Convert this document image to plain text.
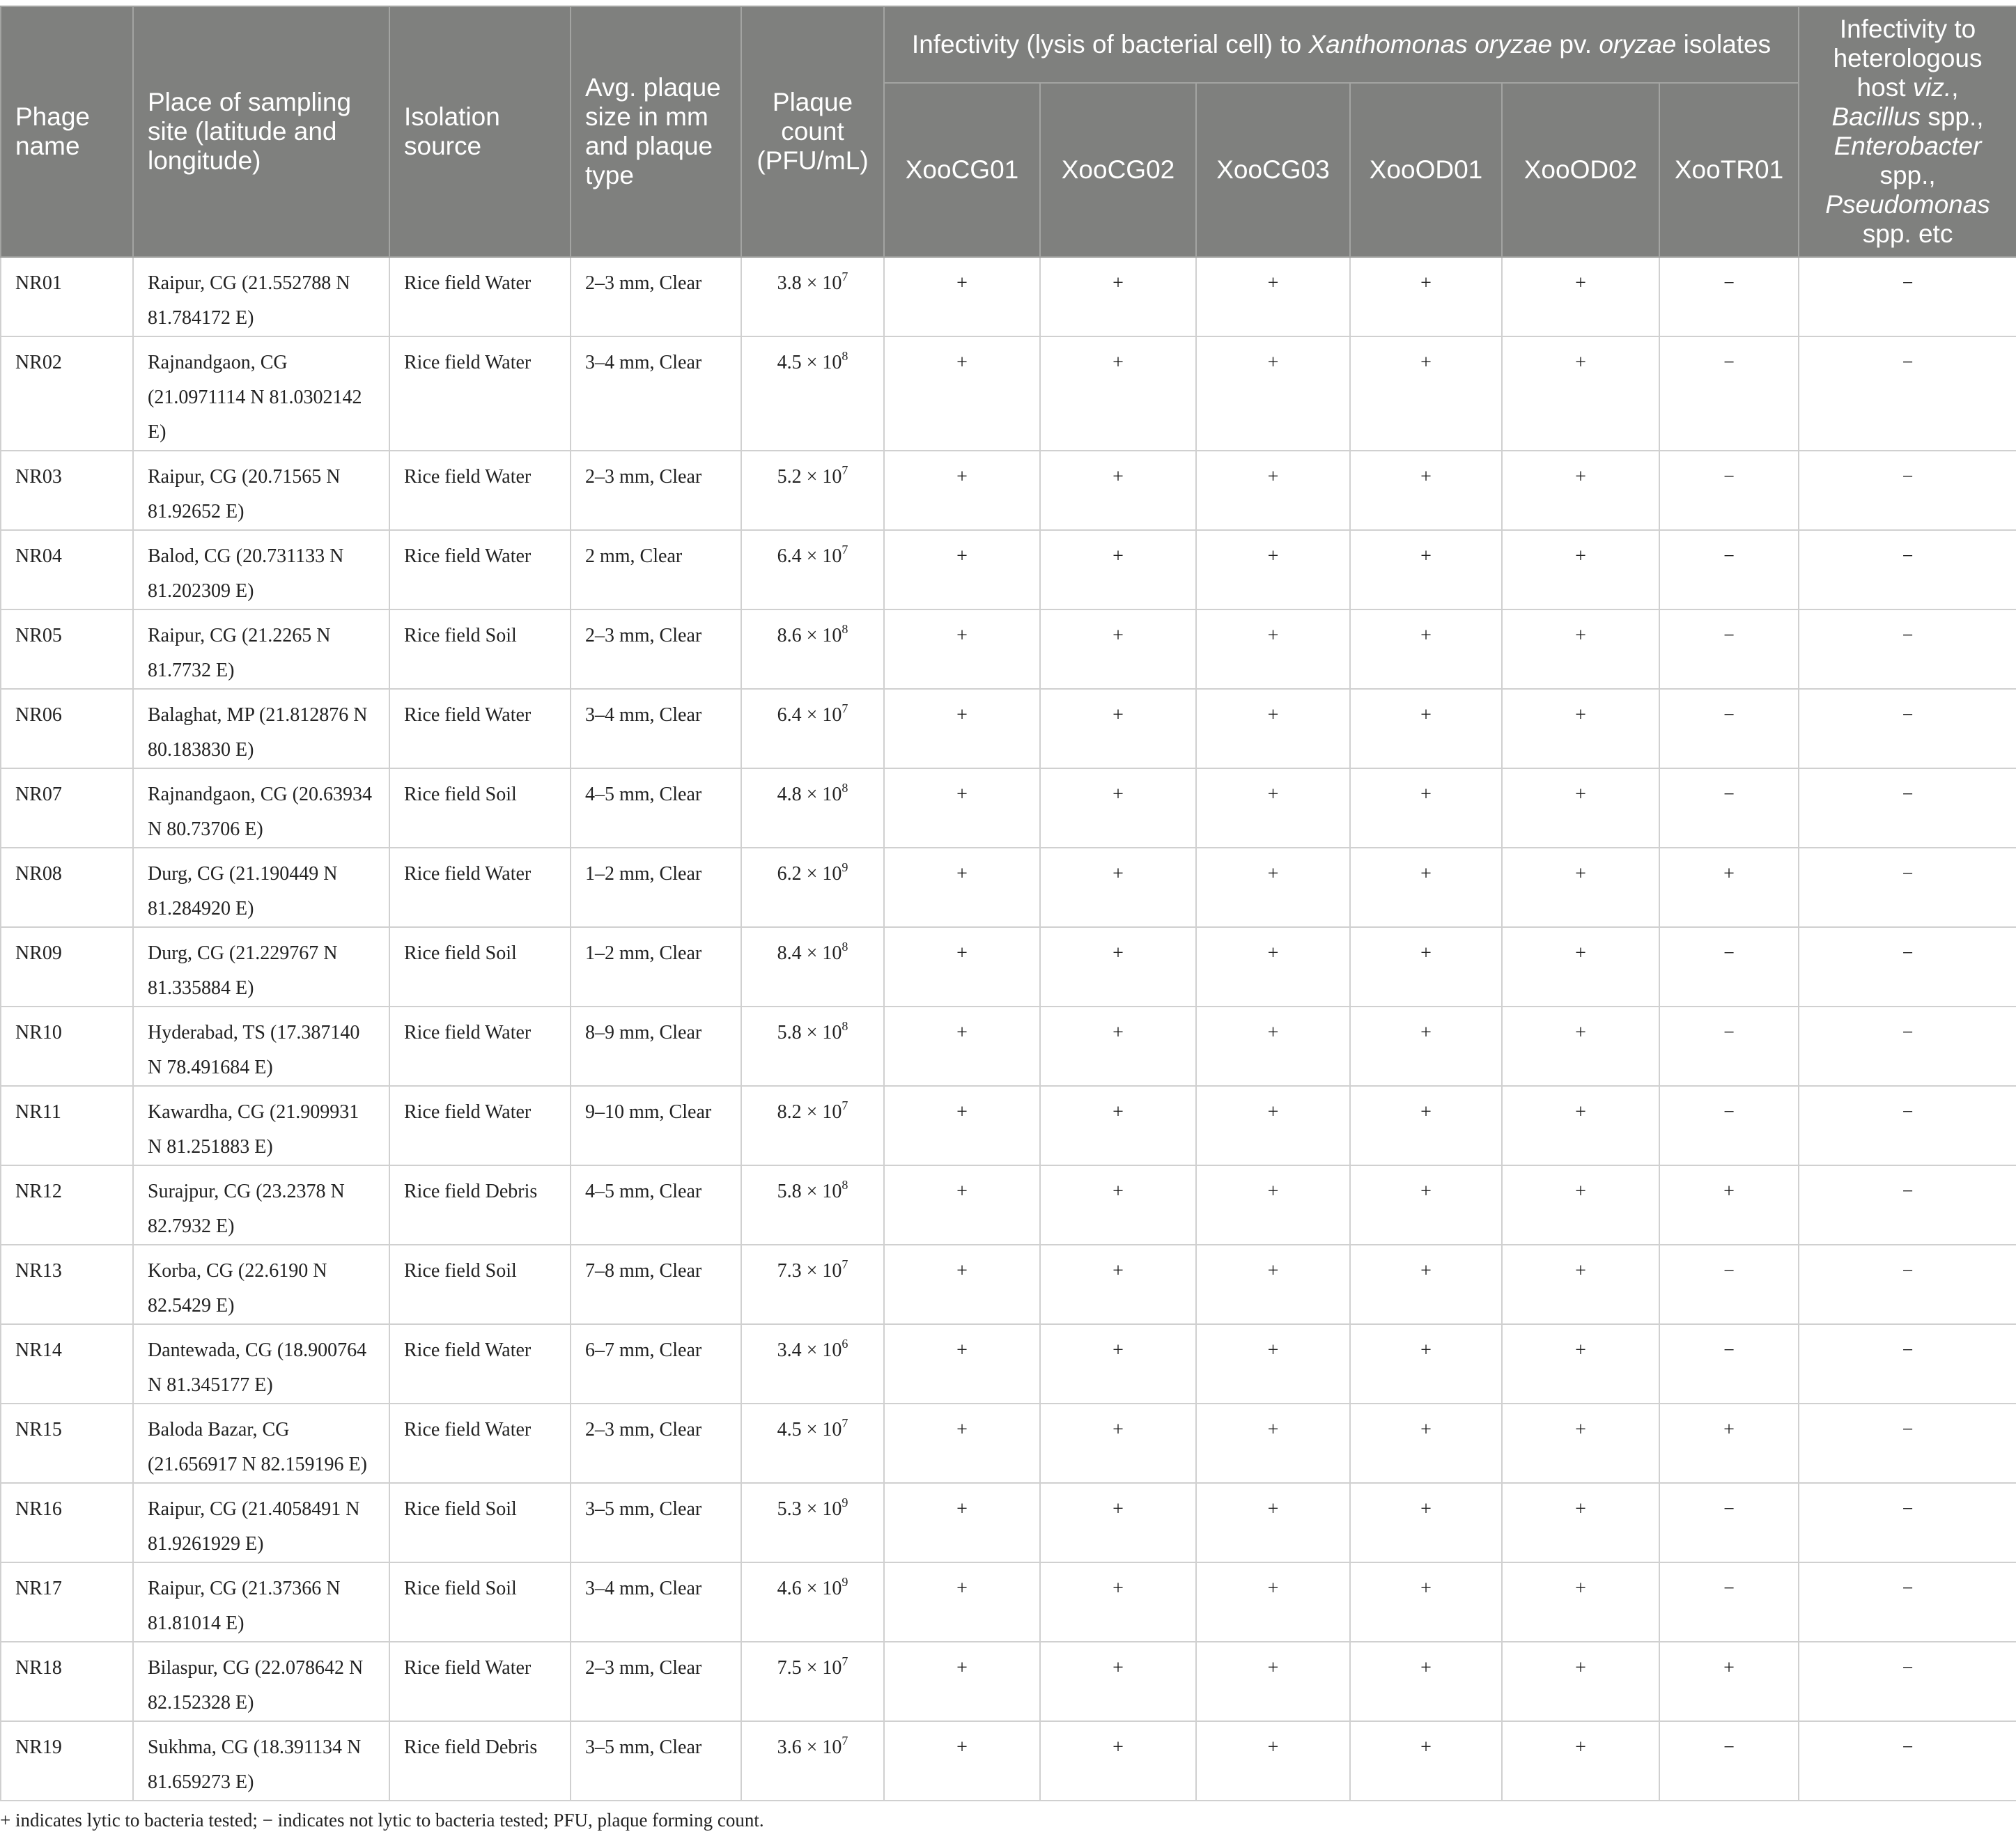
Phage name	Place of sampling site (latitude and longitude)	Isolation source	Avg. plaque size in mm and plaque type	Plaque count (PFU/mL)	Infectivity (lysis of bacterial cell) to Xanthomonas oryzae pv. oryzae isolates						Infectivity to heterologous host viz., Bacillus spp., Enterobacter spp., Pseudomonas spp. etc
					XooCG01	XooCG02	XooCG03	XooOD01	XooOD02	XooTR01	
NR01	Raipur, CG (21.552788 N 81.784172 E)	Rice field Water	2–3 mm, Clear	$3.8 \times 10^7$	+	+	+	+	+	−	−
NR02	Rajnandgaon, CG (21.0971114 N 81.0302142 E)	Rice field Water	3–4 mm, Clear	$4.5 \times 10^8$	+	+	+	+	+	−	−
NR03	Raipur, CG (20.71565 N 81.92652 E)	Rice field Water	2–3 mm, Clear	$5.2 \times 10^7$	+	+	+	+	+	−	−
NR04	Balod, CG (20.731133 N 81.202309 E)	Rice field Water	2 mm, Clear	$6.4 \times 10^7$	+	+	+	+	+	−	−
NR05	Raipur, CG (21.2265 N 81.7732 E)	Rice field Soil	2–3 mm, Clear	$8.6 \times 10^8$	+	+	+	+	+	−	−
NR06	Balaghat, MP (21.812876 N 80.183830 E)	Rice field Water	3–4 mm, Clear	$6.4 \times 10^7$	+	+	+	+	+	−	−
NR07	Rajnandgaon, CG (20.63934 N 80.73706 E)	Rice field Soil	4–5 mm, Clear	$4.8 \times 10^8$	+	+	+	+	+	−	−
NR08	Durg, CG (21.190449 N 81.284920 E)	Rice field Water	1–2 mm, Clear	$6.2 \times 10^9$	+	+	+	+	+	+	−
NR09	Durg, CG (21.229767 N 81.335884 E)	Rice field Soil	1–2 mm, Clear	$8.4 \times 10^8$	+	+	+	+	+	−	−
NR10	Hyderabad, TS (17.387140 N 78.491684 E)	Rice field Water	8–9 mm, Clear	$5.8 \times 10^8$	+	+	+	+	+	−	−
NR11	Kawardha, CG (21.909931 N 81.251883 E)	Rice field Water	9–10 mm, Clear	$8.2 \times 10^7$	+	+	+	+	+	−	−
NR12	Surajpur, CG (23.2378 N 82.7932 E)	Rice field Debris	4–5 mm, Clear	$5.8 \times 10^8$	+	+	+	+	+	+	−
NR13	Korba, CG (22.6190 N 82.5429 E)	Rice field Soil	7–8 mm, Clear	$7.3 \times 10^7$	+	+	+	+	+	−	−
NR14	Dantewada, CG (18.900764 N 81.345177 E)	Rice field Water	6–7 mm, Clear	$3.4 \times 10^6$	+	+	+	+	+	−	−
NR15	Baloda Bazar, CG (21.656917 N 82.159196 E)	Rice field Water	2–3 mm, Clear	$4.5 \times 10^7$	+	+	+	+	+	+	−
NR16	Raipur, CG (21.4058491 N 81.9261929 E)	Rice field Soil	3–5 mm, Clear	$5.3 \times 10^9$	+	+	+	+	+	−	−
NR17	Raipur, CG (21.37366 N 81.81014 E)	Rice field Soil	3–4 mm, Clear	$4.6 \times 10^9$	+	+	+	+	+	−	−
NR18	Bilaspur, CG (22.078642 N 82.152328 E)	Rice field Water	2–3 mm, Clear	$7.5 \times 10^7$	+	+	+	+	+	+	−
NR19	Sukhma, CG (18.391134 N 81.659273 E)	Rice field Debris	3–5 mm, Clear	$3.6 \times 10^7$	+	+	+	+	+	−	−
+ indicates lytic to bacteria tested; − indicates not lytic to bacteria tested; PFU, plaque forming count.
